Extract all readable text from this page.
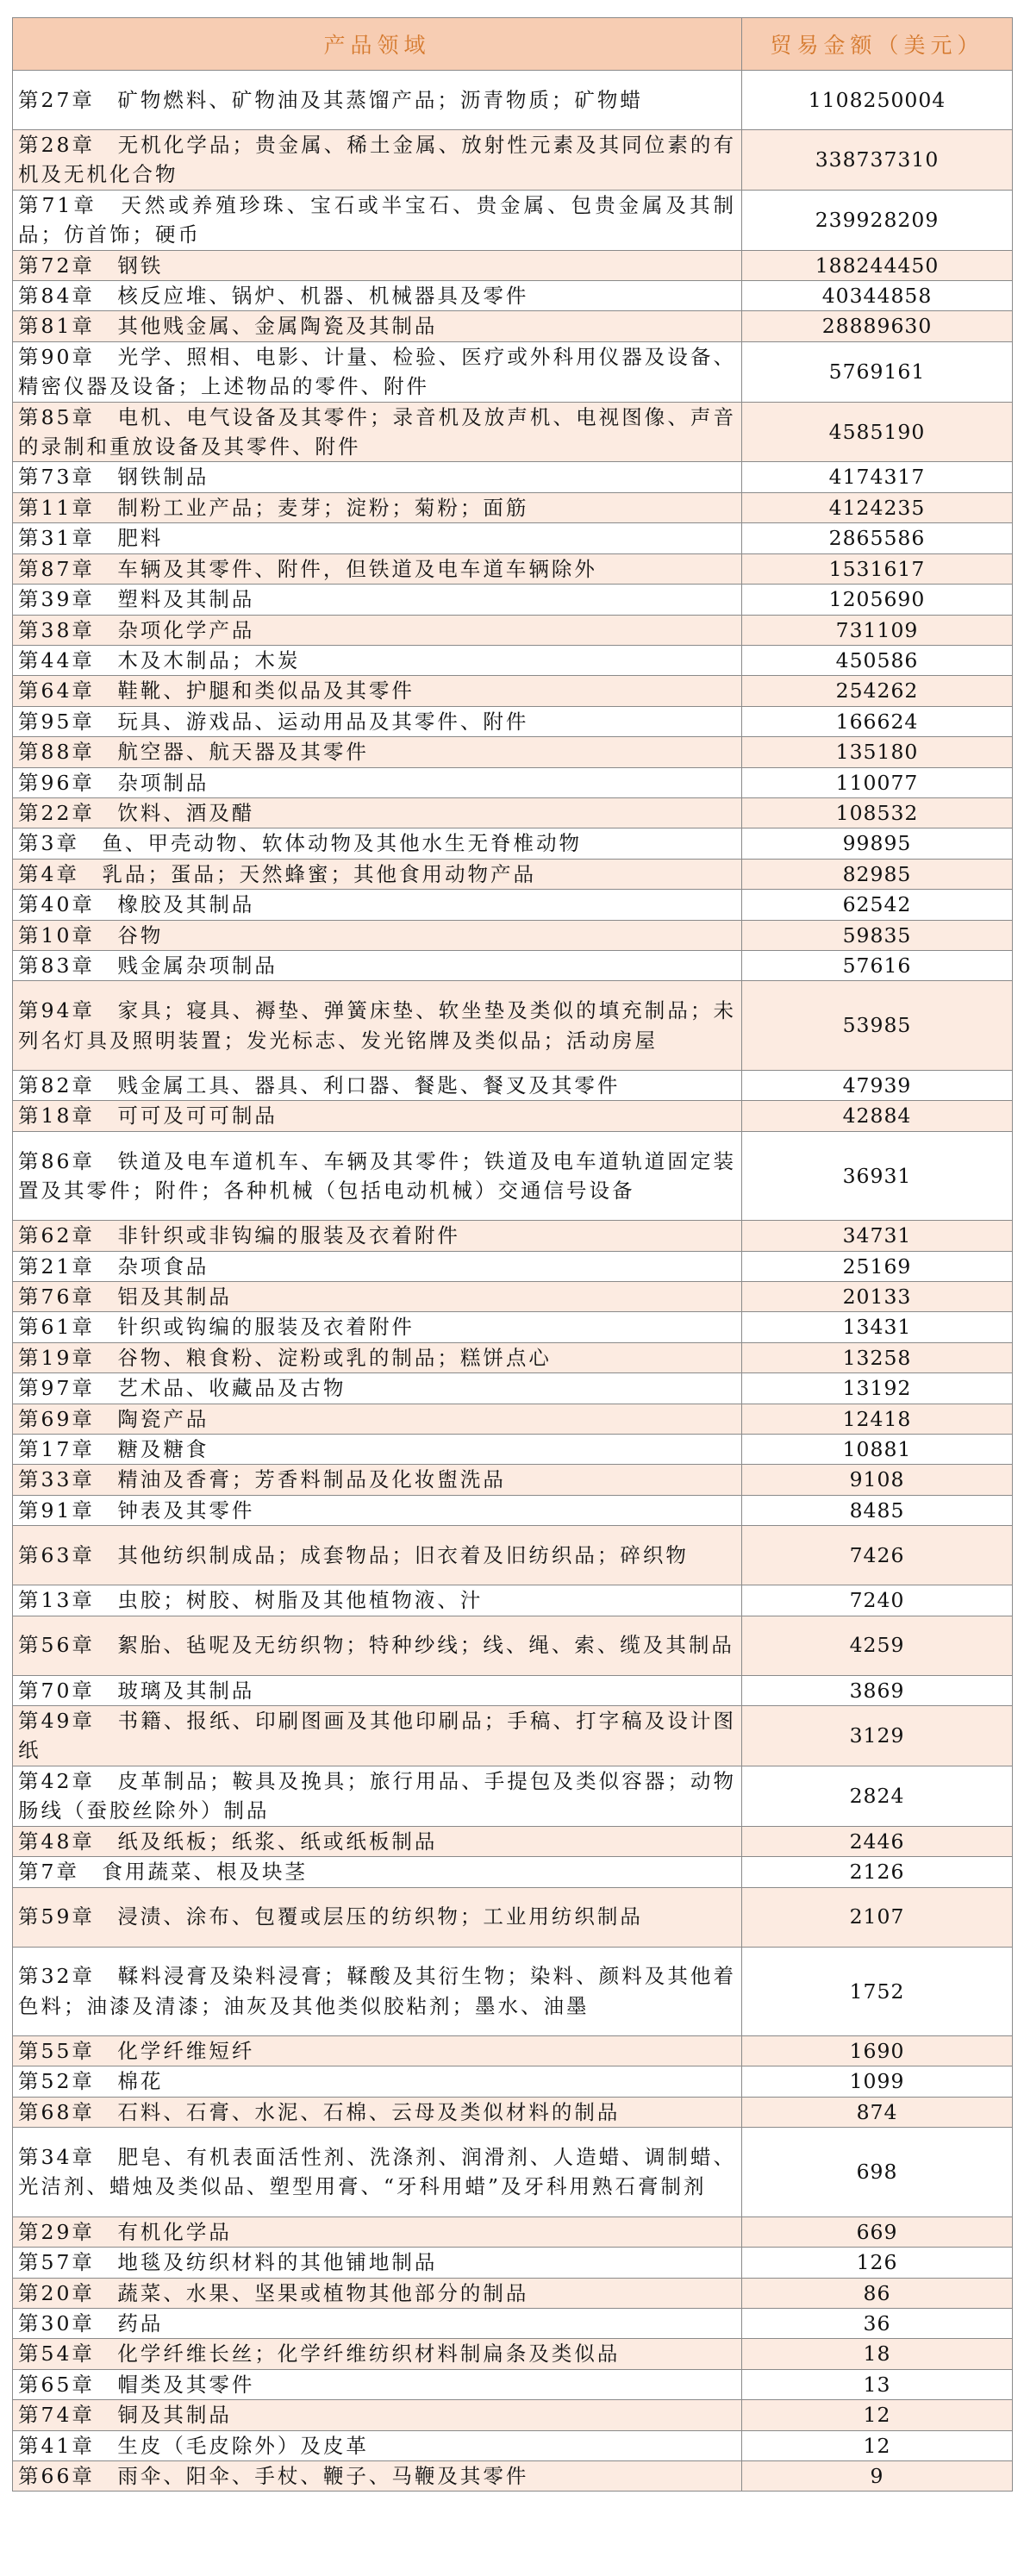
产品领域	贸易金额（美元）
第27章　矿物燃料、矿物油及其蒸馏产品；沥青物质；矿物蜡	1108250004
第28章　无机化学品；贵金属、稀土金属、放射性元素及其同位素的有机及无机化合物	338737310
第71章　天然或养殖珍珠、宝石或半宝石、贵金属、包贵金属及其制品；仿首饰；硬币	239928209
第72章　钢铁	188244450
第84章　核反应堆、锅炉、机器、机械器具及零件	40344858
第81章　其他贱金属、金属陶瓷及其制品	28889630
第90章　光学、照相、电影、计量、检验、医疗或外科用仪器及设备、精密仪器及设备；上述物品的零件、附件	5769161
第85章　电机、电气设备及其零件；录音机及放声机、电视图像、声音的录制和重放设备及其零件、附件	4585190
第73章　钢铁制品	4174317
第11章　制粉工业产品；麦芽；淀粉；菊粉；面筋	4124235
第31章　肥料	2865586
第87章　车辆及其零件、附件，但铁道及电车道车辆除外	1531617
第39章　塑料及其制品	1205690
第38章　杂项化学产品	731109
第44章　木及木制品；木炭	450586
第64章　鞋靴、护腿和类似品及其零件	254262
第95章　玩具、游戏品、运动用品及其零件、附件	166624
第88章　航空器、航天器及其零件	135180
第96章　杂项制品	110077
第22章　饮料、酒及醋	108532
第3章　鱼、甲壳动物、软体动物及其他水生无脊椎动物	99895
第4章　乳品；蛋品；天然蜂蜜；其他食用动物产品	82985
第40章　橡胶及其制品	62542
第10章　谷物	59835
第83章　贱金属杂项制品	57616
第94章　家具；寝具、褥垫、弹簧床垫、软坐垫及类似的填充制品；未列名灯具及照明装置；发光标志、发光铭牌及类似品；活动房屋	53985
第82章　贱金属工具、器具、利口器、餐匙、餐叉及其零件	47939
第18章　可可及可可制品	42884
第86章　铁道及电车道机车、车辆及其零件；铁道及电车道轨道固定装置及其零件；附件；各种机械（包括电动机械）交通信号设备	36931
第62章　非针织或非钩编的服装及衣着附件	34731
第21章　杂项食品	25169
第76章　铝及其制品	20133
第61章　针织或钩编的服装及衣着附件	13431
第19章　谷物、粮食粉、淀粉或乳的制品；糕饼点心	13258
第97章　艺术品、收藏品及古物	13192
第69章　陶瓷产品	12418
第17章　糖及糖食	10881
第33章　精油及香膏；芳香料制品及化妆盥洗品	9108
第91章　钟表及其零件	8485
第63章　其他纺织制成品；成套物品；旧衣着及旧纺织品；碎织物	7426
第13章　虫胶；树胶、树脂及其他植物液、汁	7240
第56章　絮胎、毡呢及无纺织物；特种纱线；线、绳、索、缆及其制品	4259
第70章　玻璃及其制品	3869
第49章　书籍、报纸、印刷图画及其他印刷品；手稿、打字稿及设计图纸	3129
第42章　皮革制品；鞍具及挽具；旅行用品、手提包及类似容器；动物肠线（蚕胶丝除外）制品	2824
第48章　纸及纸板；纸浆、纸或纸板制品	2446
第7章　食用蔬菜、根及块茎	2126
第59章　浸渍、涂布、包覆或层压的纺织物；工业用纺织制品	2107
第32章　鞣料浸膏及染料浸膏；鞣酸及其衍生物；染料、颜料及其他着色料；油漆及清漆；油灰及其他类似胶粘剂；墨水、油墨	1752
第55章　化学纤维短纤	1690
第52章　棉花	1099
第68章　石料、石膏、水泥、石棉、云母及类似材料的制品	874
第34章　肥皂、有机表面活性剂、洗涤剂、润滑剂、人造蜡、调制蜡、光洁剂、蜡烛及类似品、塑型用膏、“牙科用蜡”及牙科用熟石膏制剂	698
第29章　有机化学品	669
第57章　地毯及纺织材料的其他铺地制品	126
第20章　蔬菜、水果、坚果或植物其他部分的制品	86
第30章　药品	36
第54章　化学纤维长丝；化学纤维纺织材料制扁条及类似品	18
第65章　帽类及其零件	13
第74章　铜及其制品	12
第41章　生皮（毛皮除外）及皮革	12
第66章　雨伞、阳伞、手杖、鞭子、马鞭及其零件	9
